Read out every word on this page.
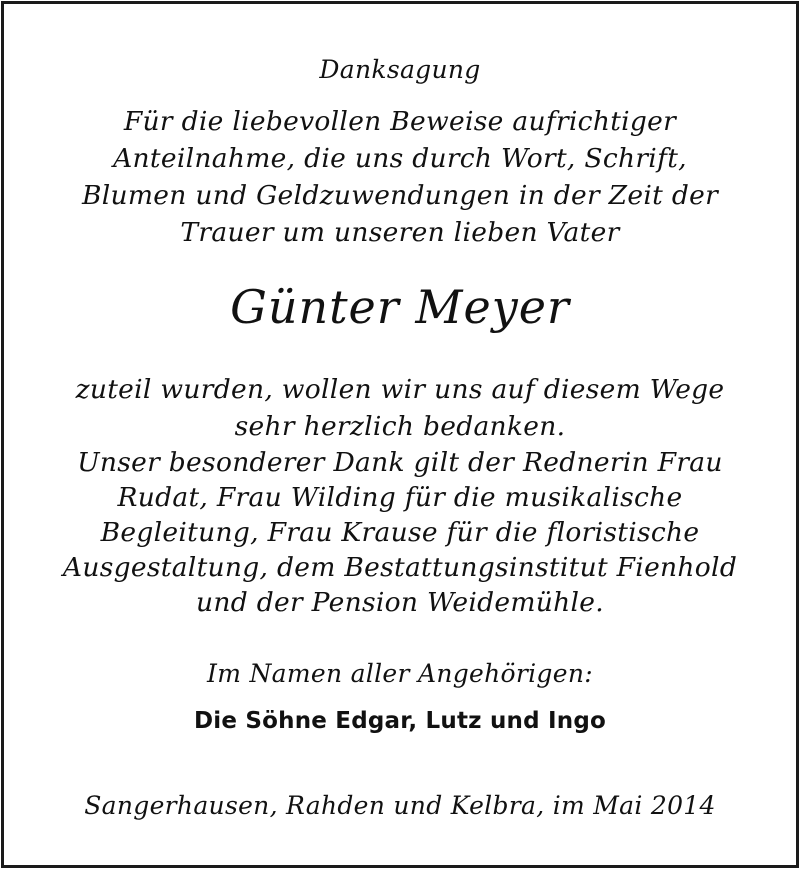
Danksagung
Für die liebevollen Beweise aufrichtiger
Anteilnahme, die uns durch Wort, Schrift,
Blumen und Geldzuwendungen in der Zeit der
Trauer um unseren lieben Vater
Günter Meyer
zuteil wurden, wollen wir uns auf diesem Wege
sehr herzlich bedanken.
Unser besonderer Dank gilt der Rednerin Frau
Rudat, Frau Wilding für die musikalische
Begleitung, Frau Krause für die floristische
Ausgestaltung, dem Bestattungsinstitut Fienhold
und der Pension Weidemühle.
Im Namen aller Angehörigen:
Die Söhne Edgar, Lutz und Ingo
Sangerhausen, Rahden und Kelbra, im Mai 2014
